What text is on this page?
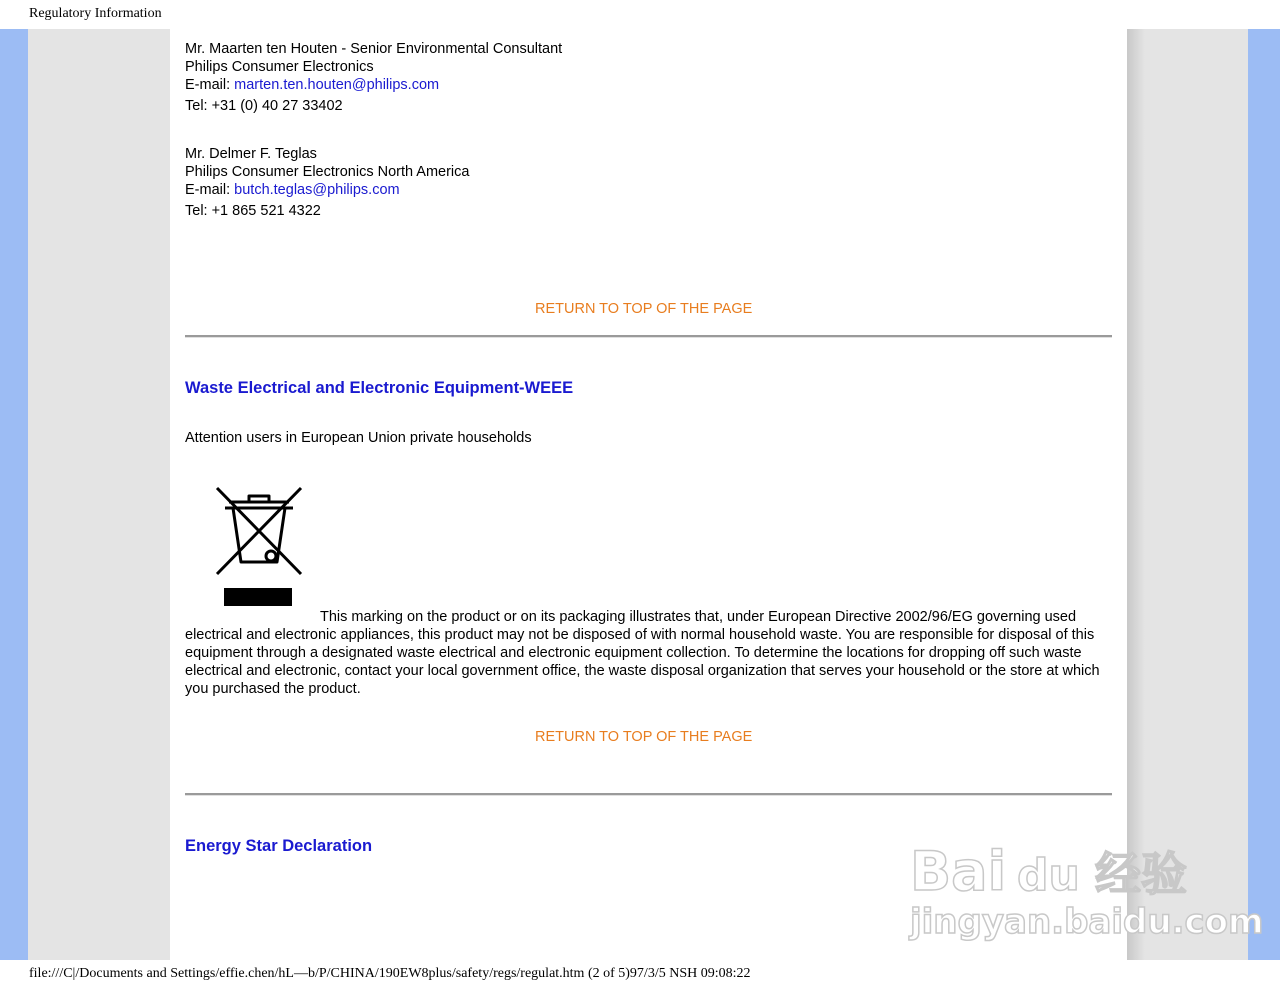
Regulatory Information
Mr. Maarten ten Houten - Senior Environmental Consultant
Philips Consumer Electronics
E-mail: marten.ten.houten@philips.com
Tel: +31 (0) 40 27 33402
Mr. Delmer F. Teglas
Philips Consumer Electronics North America
E-mail: butch.teglas@philips.com
Tel: +1 865 521 4322
RETURN TO TOP OF THE PAGE
Waste Electrical and Electronic Equipment-WEEE
Attention users in European Union private households
This marking on the product or on its packaging illustrates that, under European Directive 2002/96/EG governing used electrical and electronic appliances, this product may not be disposed of with normal household waste. You are responsible for disposal of this equipment through a designated waste electrical and electronic equipment collection. To determine the locations for dropping off such waste electrical and electronic, contact your local government office, the waste disposal organization that serves your household or the store at which you purchased the product.
RETURN TO TOP OF THE PAGE
Energy Star Declaration	Bai du 经验
jingyan.baidu.com
file:///C|/Documents and Settings/effie.chen/hL—b/P/CHINA/190EW8plus/safety/regs/regulat.htm (2 of 5)97/3/5 NSH 09:08:22
